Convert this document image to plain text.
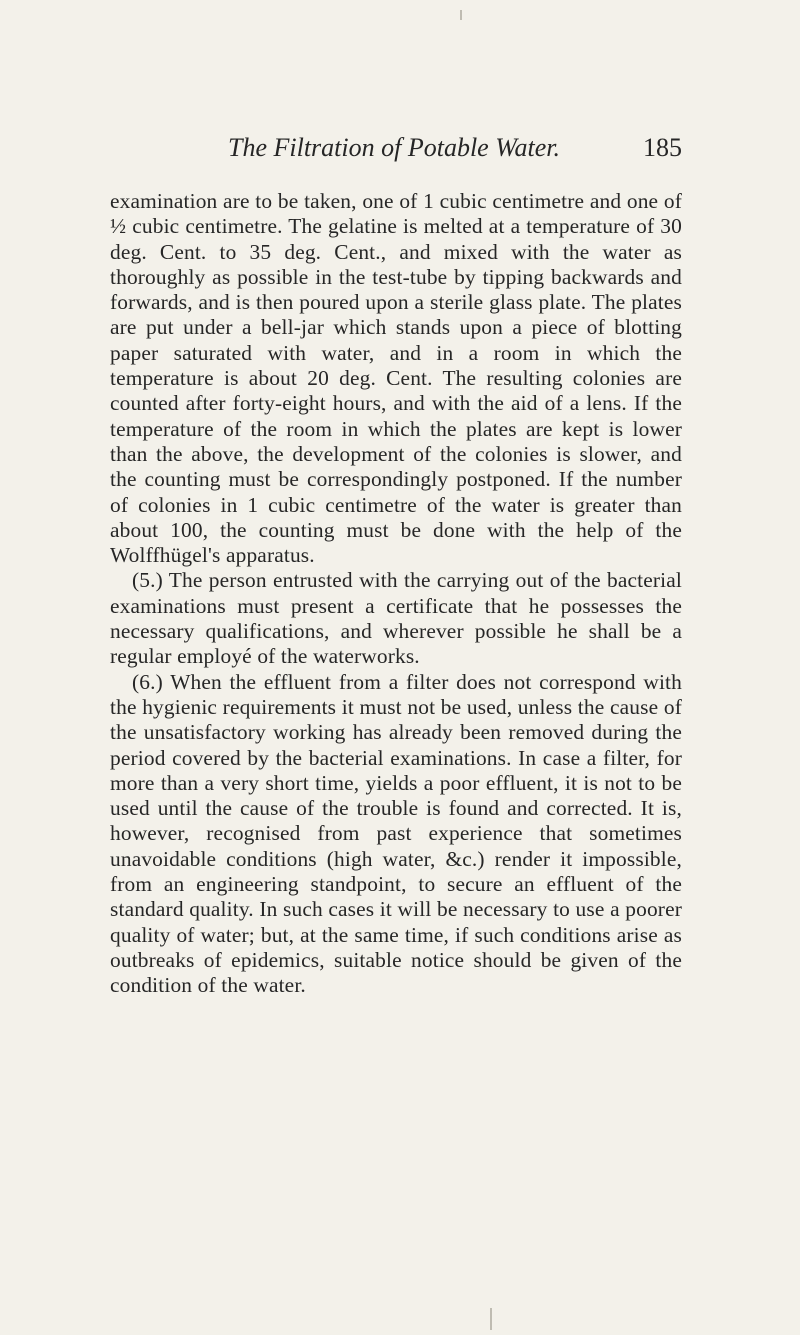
The Filtration of Potable Water.	185

examination are to be taken, one of 1 cubic centimetre and one of ½ cubic centimetre. The gelatine is melted at a temperature of 30 deg. Cent. to 35 deg. Cent., and mixed with the water as thoroughly as possible in the test-tube by tipping backwards and forwards, and is then poured upon a sterile glass plate. The plates are put under a bell-jar which stands upon a piece of blotting paper saturated with water, and in a room in which the temperature is about 20 deg. Cent. The resulting colonies are counted after forty-eight hours, and with the aid of a lens. If the temperature of the room in which the plates are kept is lower than the above, the development of the colonies is slower, and the counting must be correspondingly postponed. If the number of colonies in 1 cubic centimetre of the water is greater than about 100, the counting must be done with the help of the Wolffhügel's apparatus.

(5.) The person entrusted with the carrying out of the bacterial examinations must present a certificate that he possesses the necessary qualifications, and wherever possible he shall be a regular employé of the waterworks.

(6.) When the effluent from a filter does not correspond with the hygienic requirements it must not be used, unless the cause of the unsatisfactory working has already been removed during the period covered by the bacterial examinations. In case a filter, for more than a very short time, yields a poor effluent, it is not to be used until the cause of the trouble is found and corrected. It is, however, recognised from past experience that sometimes unavoidable conditions (high water, &c.) render it impossible, from an engineering standpoint, to secure an effluent of the standard quality. In such cases it will be necessary to use a poorer quality of water; but, at the same time, if such conditions arise as outbreaks of epidemics, suitable notice should be given of the condition of the water.
